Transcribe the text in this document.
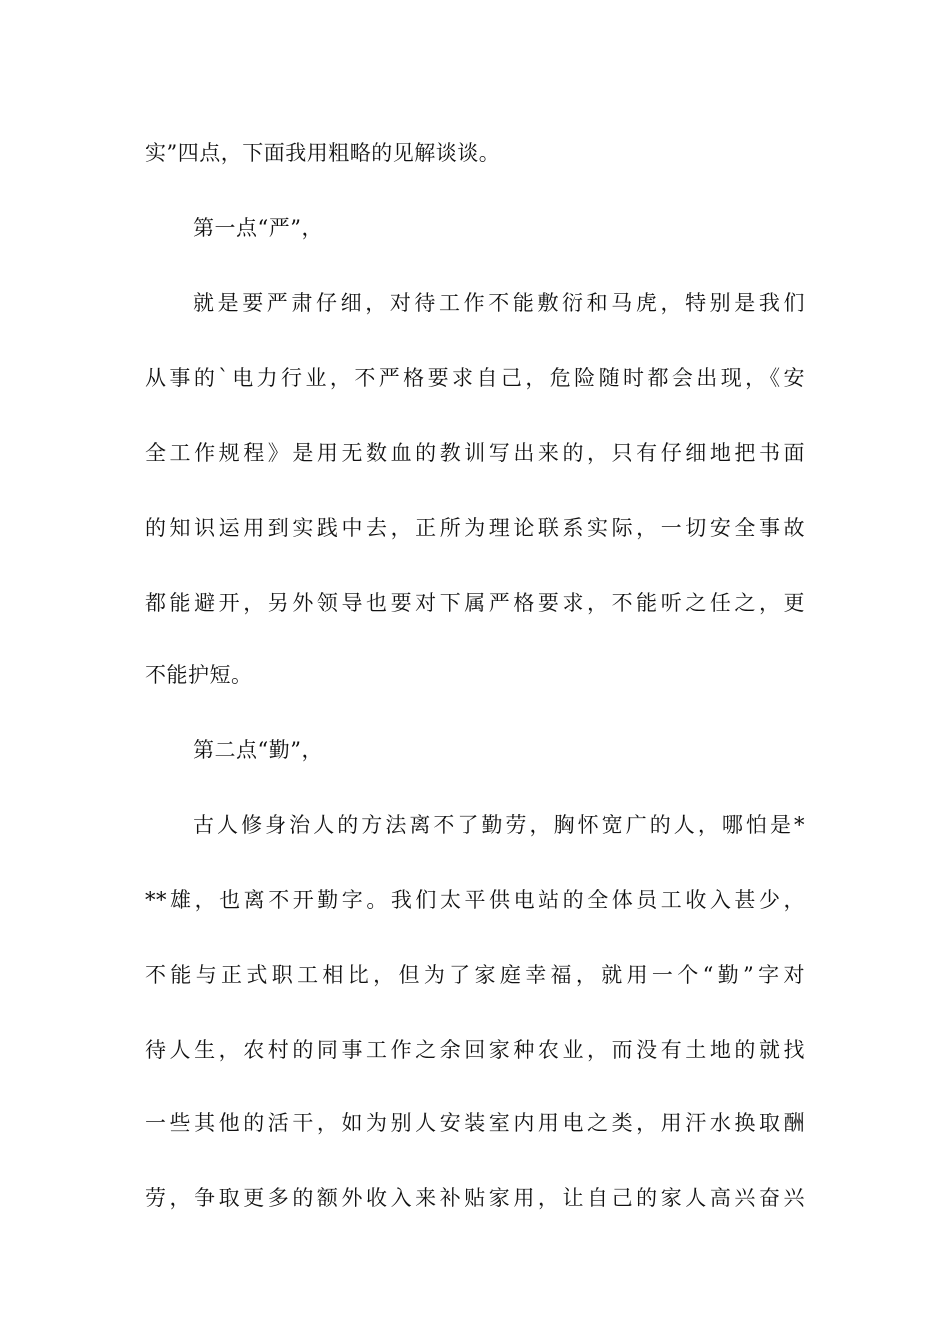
实”四点，下面我用粗略的见解谈谈。
第一点“严”，
就是要严肃仔细，对待工作不能敷衍和马虎，特别是我们
从事的`电力行业，不严格要求自己，危险随时都会出现，《安
全工作规程》是用无数血的教训写出来的，只有仔细地把书面
的知识运用到实践中去，正所为理论联系实际，一切安全事故
都能避开，另外领导也要对下属严格要求，不能听之任之，更
不能护短。
第二点“勤”，
古人修身治人的方法离不了勤劳，胸怀宽广的人，哪怕是*
**雄，也离不开勤字。我们太平供电站的全体员工收入甚少，
不能与正式职工相比，但为了家庭幸福，就用一个“勤”字对
待人生，农村的同事工作之余回家种农业，而没有土地的就找
一些其他的活干，如为别人安装室内用电之类，用汗水换取酬
劳，争取更多的额外收入来补贴家用，让自己的家人高兴奋兴
